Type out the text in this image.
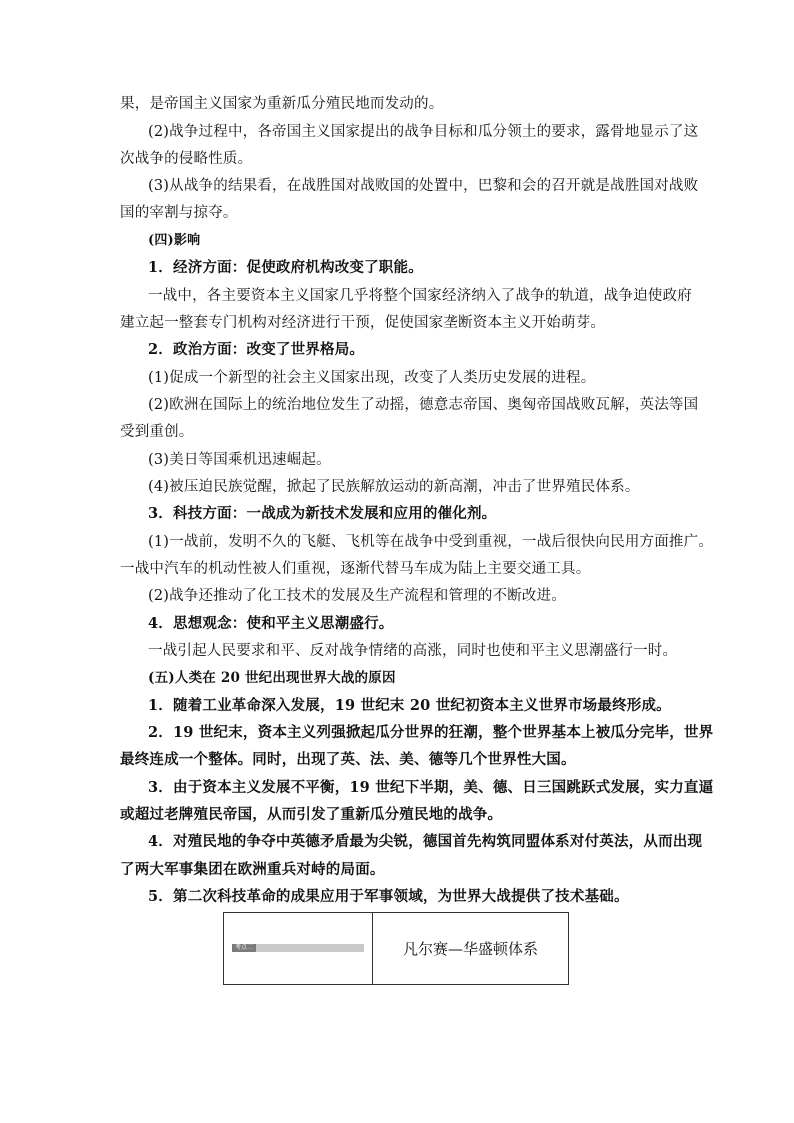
果，是帝国主义国家为重新瓜分殖民地而发动的。
(2)战争过程中，各帝国主义国家提出的战争目标和瓜分领土的要求，露骨地显示了这
次战争的侵略性质。
(3)从战争的结果看，在战胜国对战败国的处置中，巴黎和会的召开就是战胜国对战败
国的宰割与掠夺。
(四)影响
1．经济方面：促使政府机构改变了职能。
一战中，各主要资本主义国家几乎将整个国家经济纳入了战争的轨道，战争迫使政府
建立起一整套专门机构对经济进行干预，促使国家垄断资本主义开始萌芽。
2．政治方面：改变了世界格局。
(1)促成一个新型的社会主义国家出现，改变了人类历史发展的进程。
(2)欧洲在国际上的统治地位发生了动摇，德意志帝国、奥匈帝国战败瓦解，英法等国
受到重创。
(3)美日等国乘机迅速崛起。
(4)被压迫民族觉醒，掀起了民族解放运动的新高潮，冲击了世界殖民体系。
3．科技方面：一战成为新技术发展和应用的催化剂。
(1)一战前，发明不久的飞艇、飞机等在战争中受到重视，一战后很快向民用方面推广。
一战中汽车的机动性被人们重视，逐渐代替马车成为陆上主要交通工具。
(2)战争还推动了化工技术的发展及生产流程和管理的不断改进。
4．思想观念：使和平主义思潮盛行。
一战引起人民要求和平、反对战争情绪的高涨，同时也使和平主义思潮盛行一时。
(五)人类在 20 世纪出现世界大战的原因
1．随着工业革命深入发展，19 世纪末 20 世纪初资本主义世界市场最终形成。
2．19 世纪末，资本主义列强掀起瓜分世界的狂潮，整个世界基本上被瓜分完毕，世界
最终连成一个整体。同时，出现了英、法、美、德等几个世界性大国。
3．由于资本主义发展不平衡，19 世纪下半期，美、德、日三国跳跃式发展，实力直逼
或超过老牌殖民帝国，从而引发了重新瓜分殖民地的战争。
4．对殖民地的争夺中英德矛盾最为尖锐，德国首先构筑同盟体系对付英法，从而出现
了两大军事集团在欧洲重兵对峙的局面。
5．第二次科技革命的成果应用于军事领域，为世界大战提供了技术基础。
考点二	凡尔赛—华盛顿体系
